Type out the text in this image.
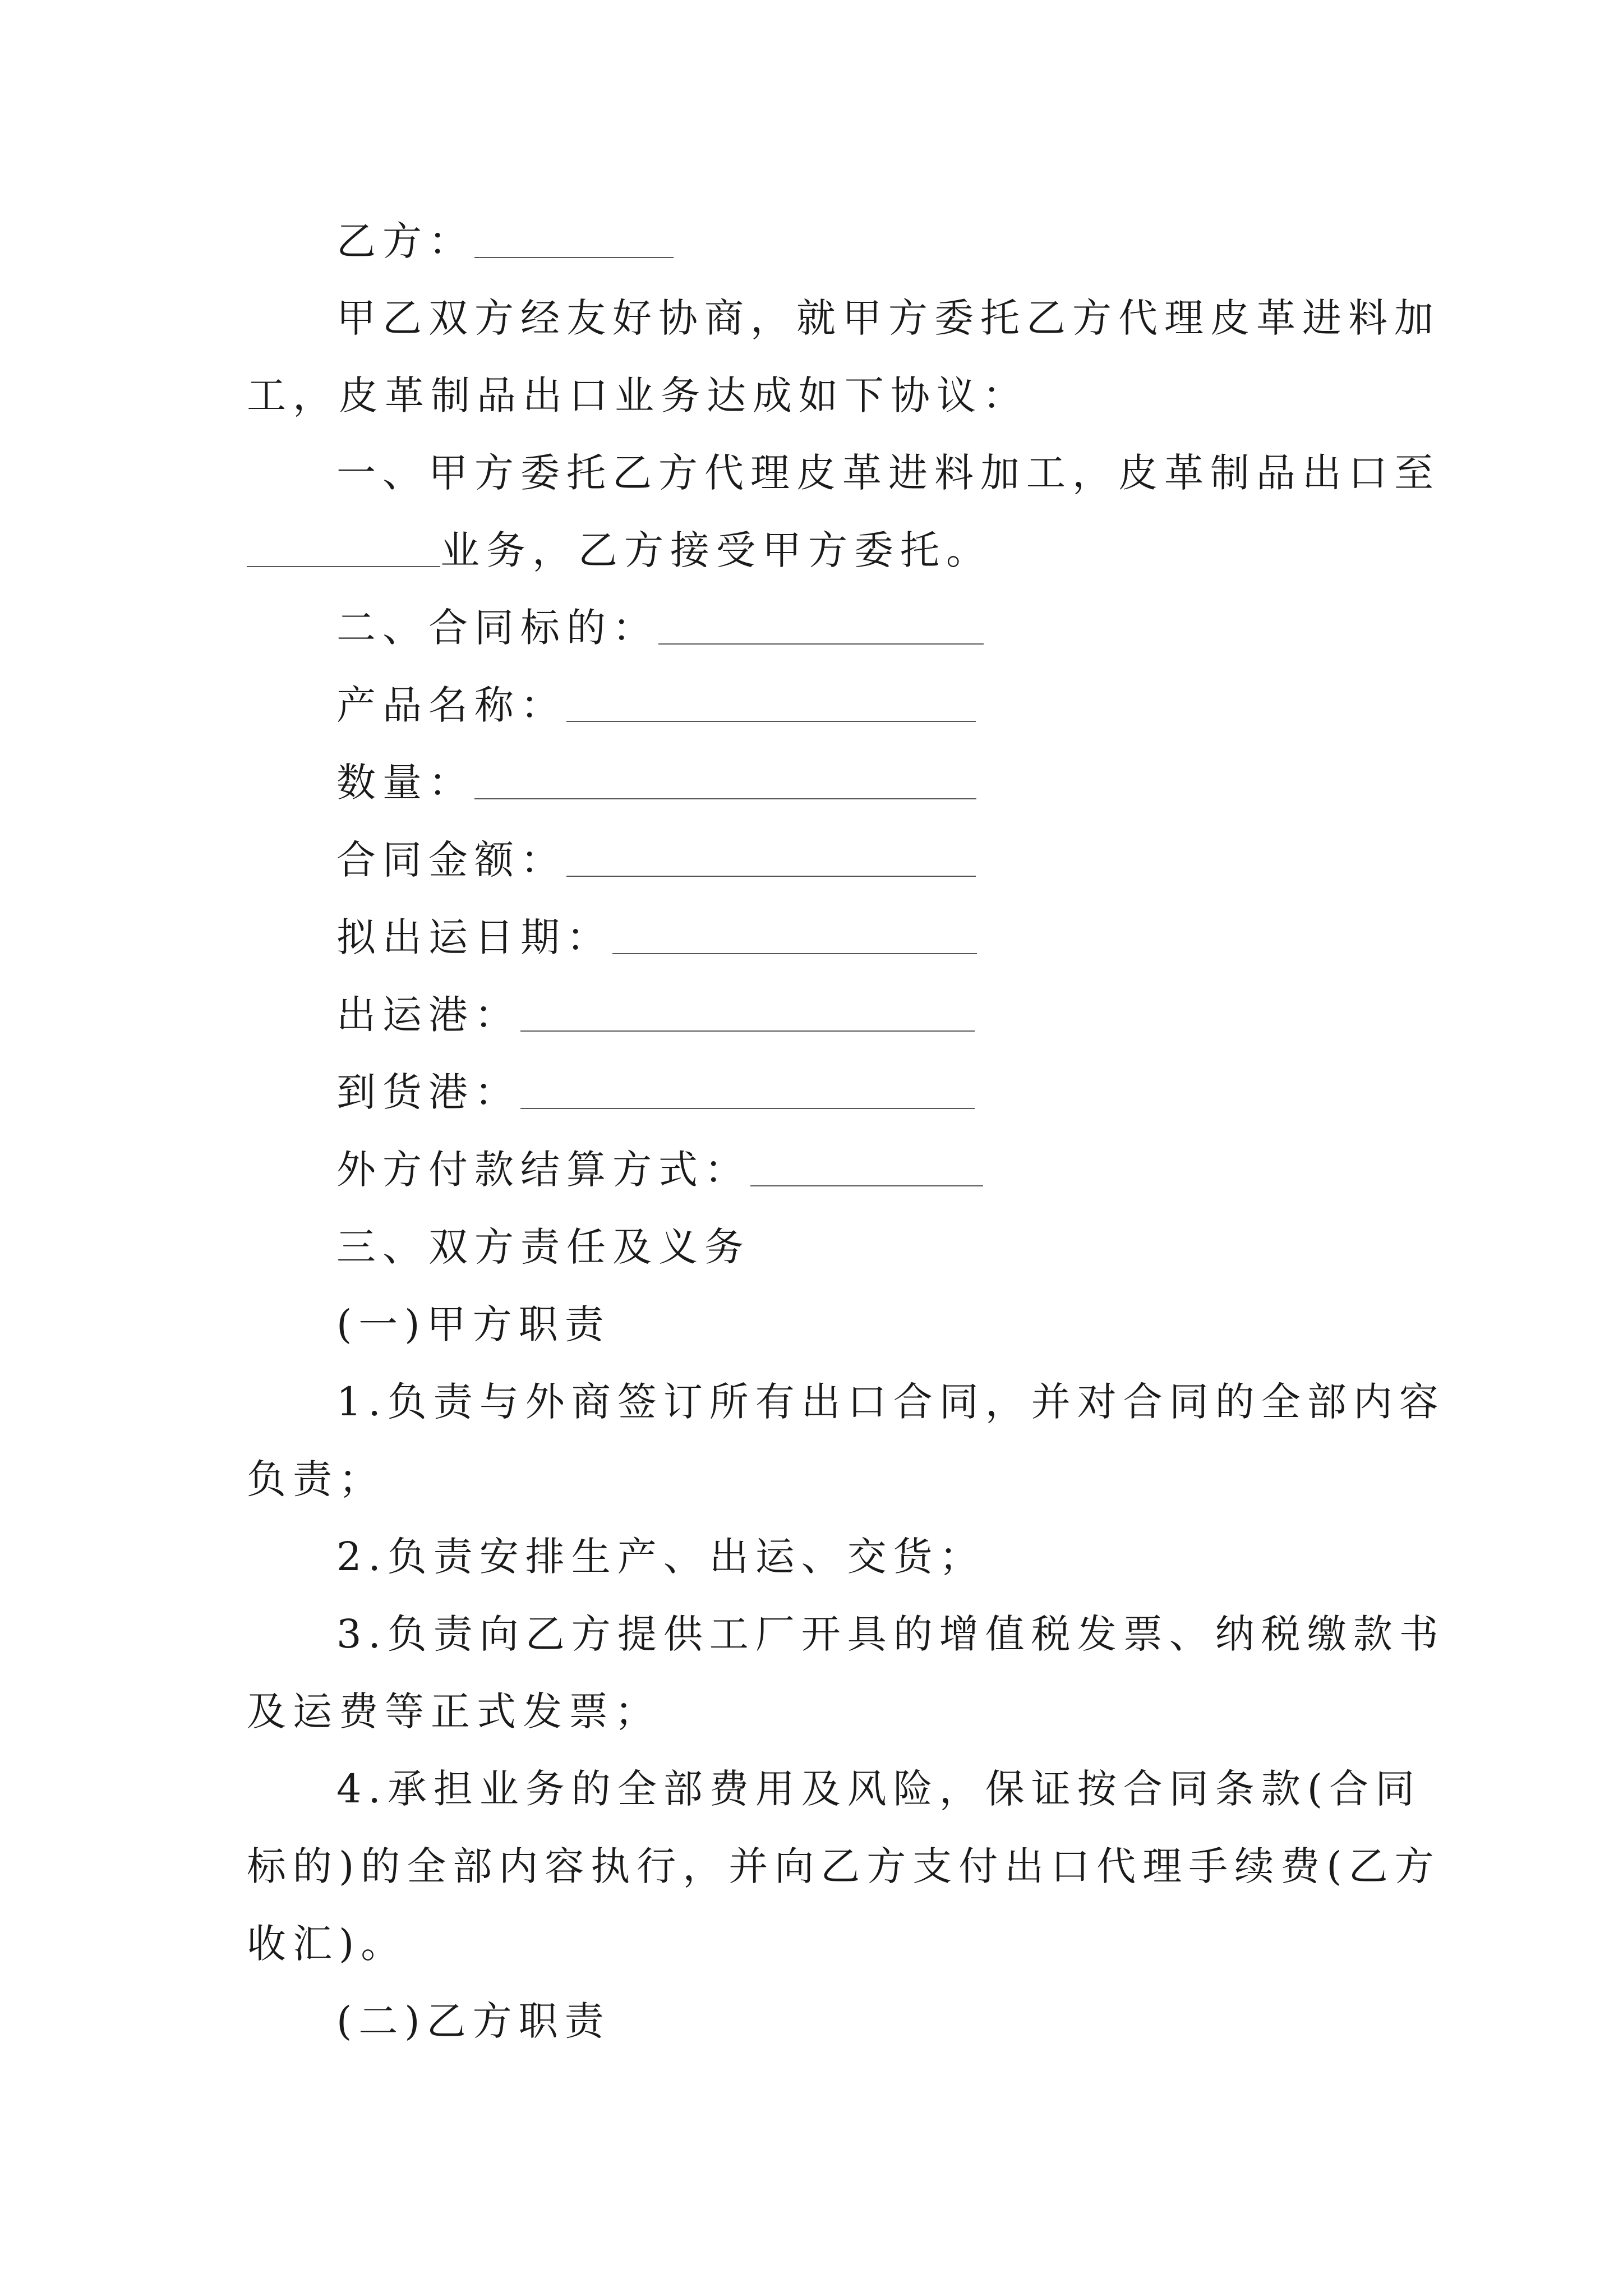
乙方：
甲乙双方经友好协商，就甲方委托乙方代理皮革进料加
工，皮革制品出口业务达成如下协议：
一、甲方委托乙方代理皮革进料加工，皮革制品出口至
业务，乙方接受甲方委托。
二、合同标的：
产品名称：
数量：
合同金额：
拟出运日期：
出运港：
到货港：
外方付款结算方式：
三、双方责任及义务
(一)甲方职责
1.负责与外商签订所有出口合同，并对合同的全部内容
负责；
2.负责安排生产、出运、交货；
3.负责向乙方提供工厂开具的增值税发票、纳税缴款书
及运费等正式发票；
4.承担业务的全部费用及风险，保证按合同条款(合同
标的)的全部内容执行，并向乙方支付出口代理手续费(乙方
收汇)。
(二)乙方职责
